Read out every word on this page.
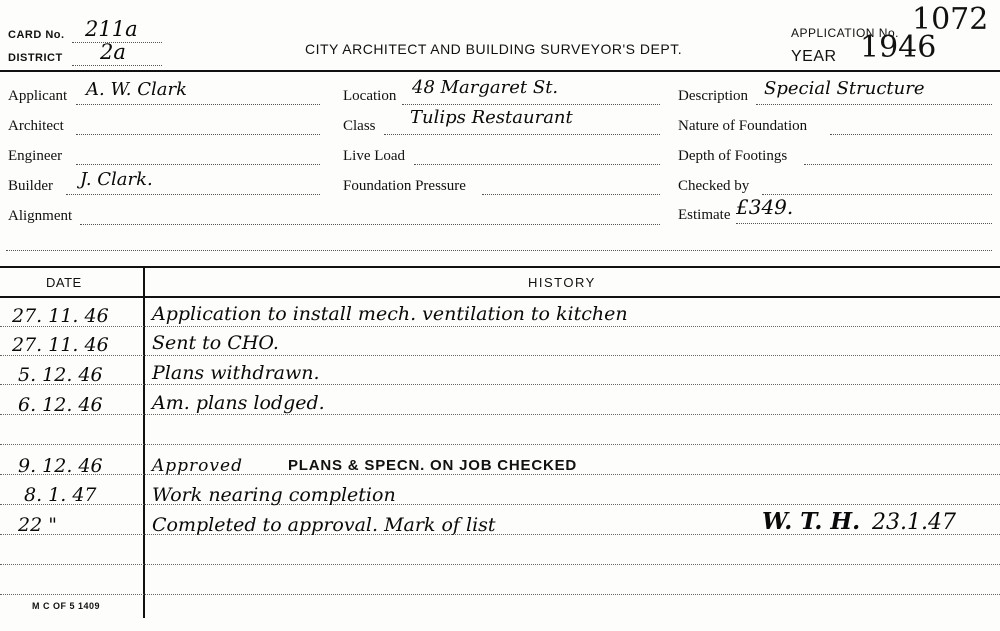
CARD No. 211a
DISTRICT 2a	CITY ARCHITECT AND BUILDING SURVEYOR'S DEPT.
APPLICATION No. 1072
YEAR 1946
Applicant A. W. Clark
Architect
Engineer
Builder J. Clark.
Alignment
Location 48 Margaret St.
Class Tulips Restaurant
Live Load
Foundation Pressure
Description Special Structure
Nature of Foundation
Depth of Footings
Checked by
Estimate £349.
DATE	HISTORY
27. 11. 46 Application to install mech. ventilation to kitchen
27. 11. 46 Sent to CHO.
5. 12. 46	Plans withdrawn.
6. 12. 46	Am. plans lodged.
9. 12. 46	Approved	PLANS & SPECN. ON JOB CHECKED
8. 1. 47	Work nearing completion
22 "	Completed to approval. Mark of list	W. T. H. 23.1.47
M C OF 5 1409
